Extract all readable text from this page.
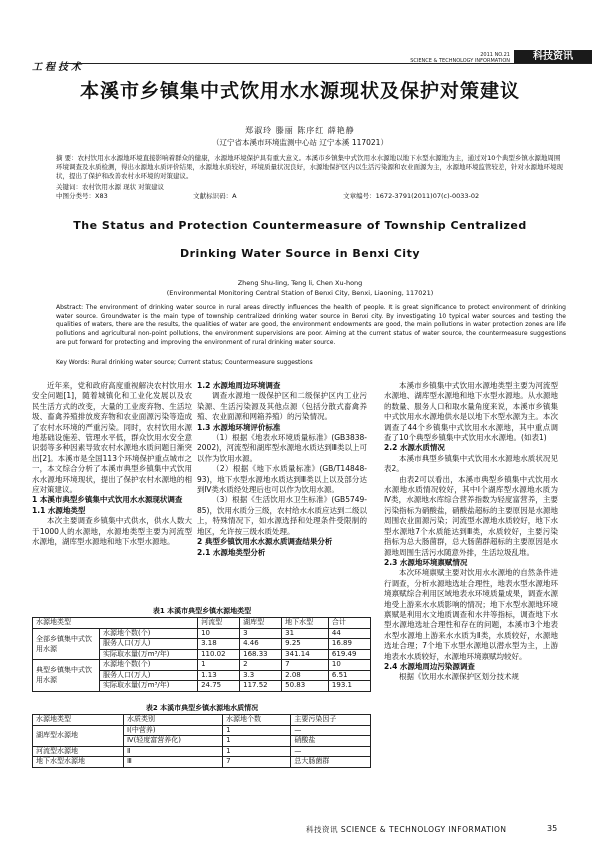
工程技术
2011 NO.21
SCIENCE & TECHNOLOGY INFORMATION	科技资讯
本溪市乡镇集中式饮用水水源现状及保护对策建议
郑淑玲 滕丽 陈序红 薛艳静
（辽宁省本溪市环境监测中心站 辽宁本溪 117021）
摘 要：农村饮用水水源地环境直接影响着群众的健康，水源地环境保护具有重大意义。本溪市乡镇集中式饮用水水源地以地下水型水源地为主，通过对10个典型乡镇水源地周围环境调查及水质检测，得出水源地水质评价结果，水源地水质较好，环境质量状况良好，水源地保护区内以生活污染源和农业面源为主，水源地环境监管较差，针对水源地环境现状，提出了保护和改善农村水环境的对策建议。
关键词：农村饮用水源 现状 对策建议
中图分类号：X83	文献标识码：A	文章编号：1672-3791(2011)07(c)-0033-02
The Status and Protection Countermeasure of Township Centralized
Drinking Water Source in Benxi City
Zheng Shu-ling, Teng li, Chen Xu-hong
(Environmental Monitoring Central Station of Benxi City, Benxi, Liaoning, 117021)
Abstract: The environment of drinking water source in rural areas directly influences the health of people. It is great significance to protect environment of drinking water source. Groundwater is the main type of township centralized drinking water source in Benxi city. By investigating 10 typical water sources and testing the qualities of waters, there are the results, the qualities of water are good, the environment endowments are good, the main pollutions in water protection zones are life pollutions and agricultural non-point pollutions, the environment supervisions are poor. Aiming at the current status of water source, the countermeasure suggestions are put forward for protecting and improving the environment of rural drinking water source.
Key Words: Rural drinking water source; Current status; Countermeasure suggestions

近年来，党和政府高度重视解决农村饮用水安全问题[1]，随着城镇化和工业化发展以及农民生活方式的改变，大量的工业废弃物、生活垃圾、畜禽养殖排放废弃物和农业面源污染等造成了农村水环境的严重污染。同时，农村饮用水源地基础设施差、管理水平低，群众饮用水安全意识弱等多种因素导致农村水源地水质问题日渐突出[2]。本溪市是全国113个环境保护重点城市之一，本文综合分析了本溪市典型乡镇集中式饮用水水源地环境现状，提出了保护农村水源地的相应对策建议。

1 本溪市典型乡镇集中式饮用水水源现状调查

1.1 水源地类型

本次主要调查乡镇集中式供水，供水人数大于1000人的水源地，水源地类型主要为河流型水源地，湖库型水源地和地下水型水源地。

1.2 水源地周边环境调查

调查水源地一级保护区和二级保护区内工业污染源、生活污染源及其他点源（包括分散式畜禽养殖、农业面源和网箱养殖）的污染情况。

1.3 水源地环境评价标准

（1）根据《地表水环境质量标准》(GB3838-2002)，河流型和湖库型水源地水质达到Ⅲ类以上可以作为饮用水源。

（2）根据《地下水质量标准》(GB/T14848-93)，地下水型水源地水质达到Ⅲ类以上以及部分达到Ⅳ类水质经处理后也可以作为饮用水源。

（3）根据《生活饮用水卫生标准》(GB5749-85)，饮用水质分三级，农村给水水质应达到二级以上，特殊情况下，如水源选择和处理条件受限制的地区，允许按三级水质处理。

2 典型乡镇饮用水水源水质调查结果分析

2.1 水源地类型分析

本溪市乡镇集中式饮用水源地类型主要为河流型水源地、湖库型水源地和地下水型水源地。从水源地的数量、服务人口和取水量角度来说，本溪市乡镇集中式饮用水水源地供水是以地下水型水源为主。本次调查了44个乡镇集中式饮用水水源地，其中重点调查了10个典型乡镇集中式饮用水水源地。(如表1)

2.2 水源水质情况

本溪市典型乡镇集中式饮用水水源地水质状况见表2。

由表2可以看出，本溪市典型乡镇集中式饮用水水源地水质情况较好，其中Ⅰ个湖库型水源地水质为Ⅳ类，水源地水库综合营养指数为轻度富营养，主要污染指标为硝酸盐，硝酸盐超标的主要原因是水源地周围农业面源污染；河流型水源地水质较好，地下水型水源地7个水质能达到Ⅲ类，水质较好，主要污染指标为总大肠菌群，总大肠菌群超标的主要原因是水源地周围生活污水随意外排，生活垃圾乱堆。

2.3 水源地环境禀赋情况

本次环境禀赋主要对饮用水水源地的自然条件进行调查，分析水源地选址合理性，地表水型水源地环境禀赋综合利用区域地表水环境质量成果，调查水源地受上游来水水质影响的情况；地下水型水源地环境禀赋是利用水文地质调查和水井等指标，调查地下水型水源地选址合理性和存在的问题，本溪市3个地表水型水源地上游来水水质为Ⅱ类，水质较好，水源地选址合理；7个地下水型水源地以潜水型为主，上游地表水水质较好，水源地环境禀赋均较好。

2.4 水源地周边污染源调查

根据《饮用水水源保护区划分技术规

表1 本溪市典型乡镇水源地类型
水源地类型		河流型	湖库型	地下水型	合计
全部乡镇集中式饮用水源	水源地个数(个)	10	3	31	44
	服务人口(万人)	3.18	4.46	9.25	16.89
	实际取水量(万m³/年)	110.02	168.33	341.14	619.49
典型乡镇集中式饮用水源	水源地个数(个)	1	2	7	10
	服务人口(万人)	1.13	3.3	2.08	6.51
	实际取水量(万m³/年)	24.75	117.52	50.83	193.1
表2 本溪市典型乡镇水源地水质情况
水源地类型	水质类别	水源地个数	主要污染因子
湖库型水源地	Ⅰ(中营养)	1	—
	Ⅳ(轻度富营养化)	1	硝酸盐
河流型水源地	Ⅱ	1	—
地下水型水源地	Ⅲ	7	总大肠菌群
科技资讯 SCIENCE & TECHNOLOGY INFORMATION	35
